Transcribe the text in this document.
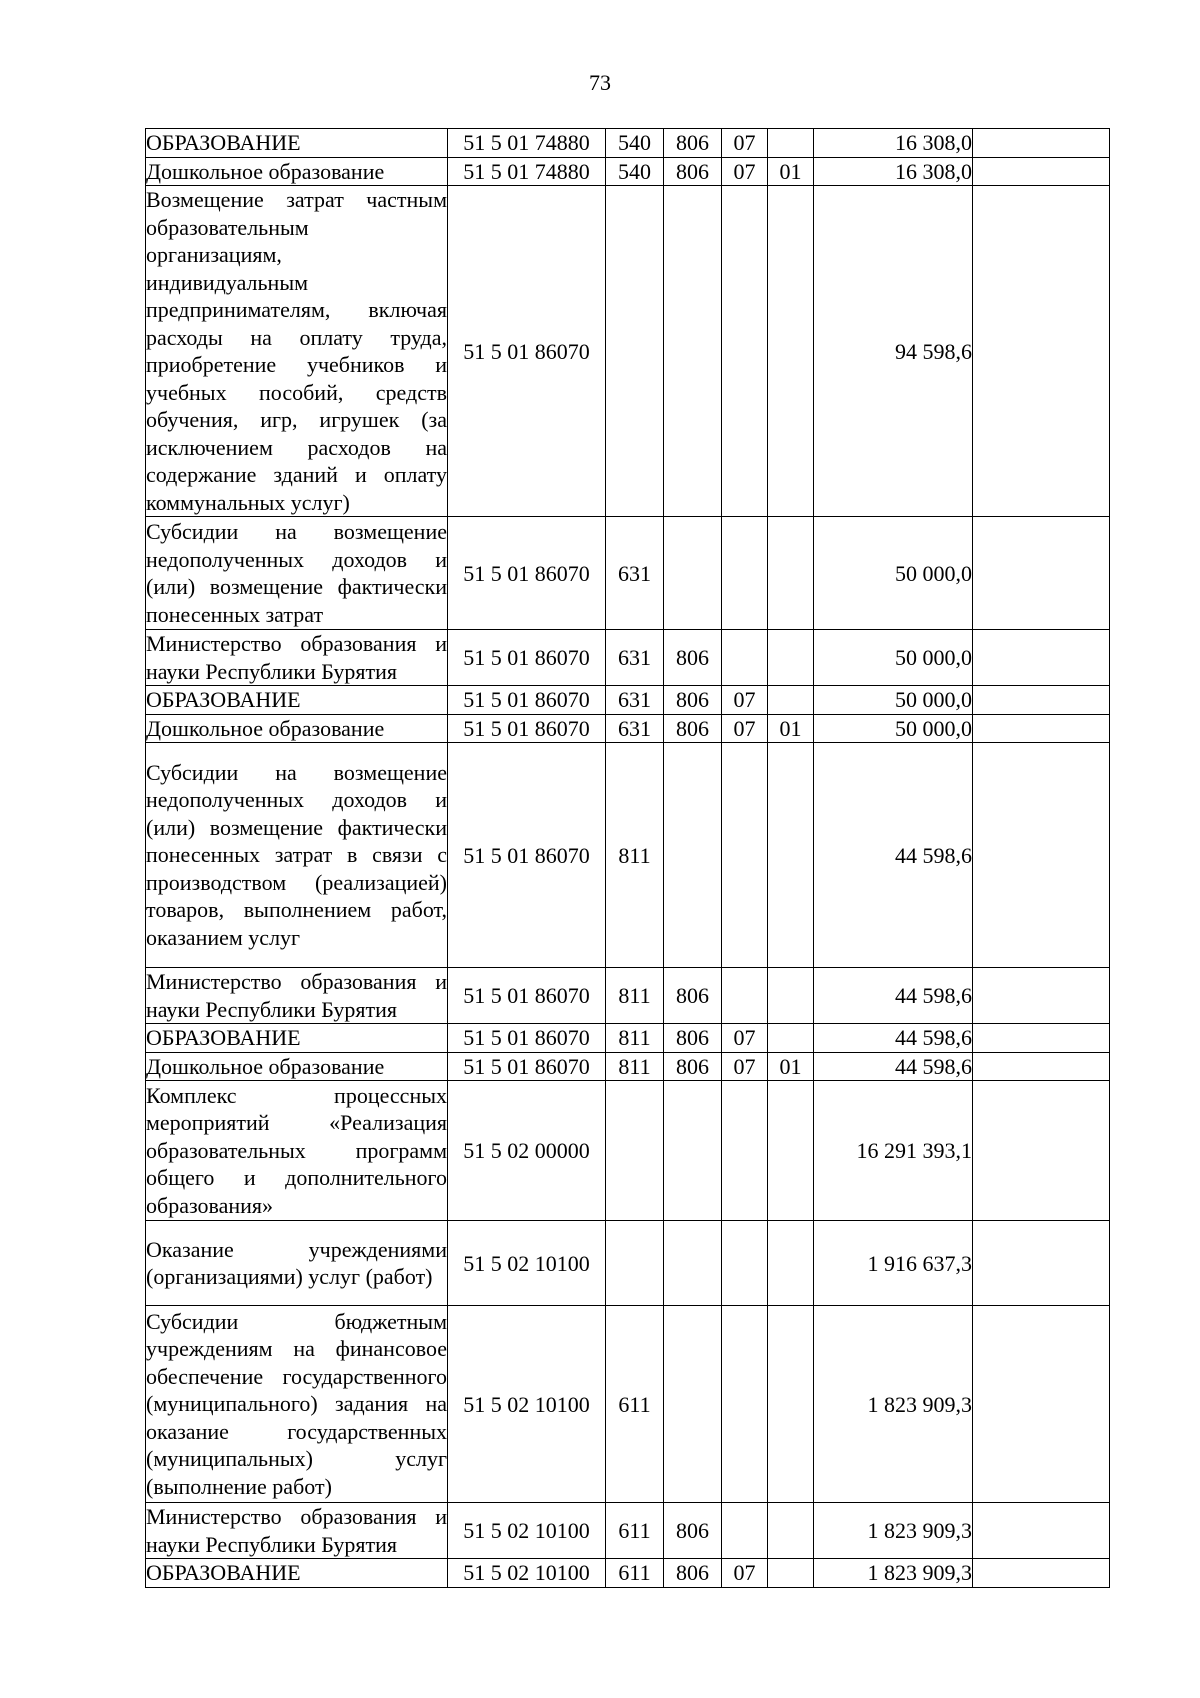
73
ОБРАЗОВАНИЕ	51 5 01 74880	540	806	07		16 308,0	
Дошкольное образование	51 5 01 74880	540	806	07	01	16 308,0	
Возмещение затрат частным образовательным организациям, индивидуальным предпринимателям, включая расходы на оплату труда, приобретение учебников и учебных пособий, средств обучения, игр, игрушек (за исключением расходов на содержание зданий и оплату коммунальных услуг)	51 5 01 86070					94 598,6	
Субсидии на возмещение недополученных доходов и (или) возмещение фактически понесенных затрат	51 5 01 86070	631				50 000,0	
Министерство образования и науки Республики Бурятия	51 5 01 86070	631	806			50 000,0	
ОБРАЗОВАНИЕ	51 5 01 86070	631	806	07		50 000,0	
Дошкольное образование	51 5 01 86070	631	806	07	01	50 000,0	
Субсидии на возмещение недополученных доходов и (или) возмещение фактически понесенных затрат в связи с производством (реализацией) товаров, выполнением работ, оказанием услуг	51 5 01 86070	811				44 598,6	
Министерство образования и науки Республики Бурятия	51 5 01 86070	811	806			44 598,6	
ОБРАЗОВАНИЕ	51 5 01 86070	811	806	07		44 598,6	
Дошкольное образование	51 5 01 86070	811	806	07	01	44 598,6	
Комплекс процессных мероприятий «Реализация образовательных программ общего и дополнительного образования»	51 5 02 00000					16 291 393,1	
Оказание учреждениями (организациями) услуг (работ)	51 5 02 10100					1 916 637,3	
Субсидии бюджетным учреждениям на финансовое обеспечение государственного (муниципального) задания на оказание государственных (муниципальных) услуг (выполнение работ)	51 5 02 10100	611				1 823 909,3	
Министерство образования и науки Республики Бурятия	51 5 02 10100	611	806			1 823 909,3	
ОБРАЗОВАНИЕ	51 5 02 10100	611	806	07		1 823 909,3	
